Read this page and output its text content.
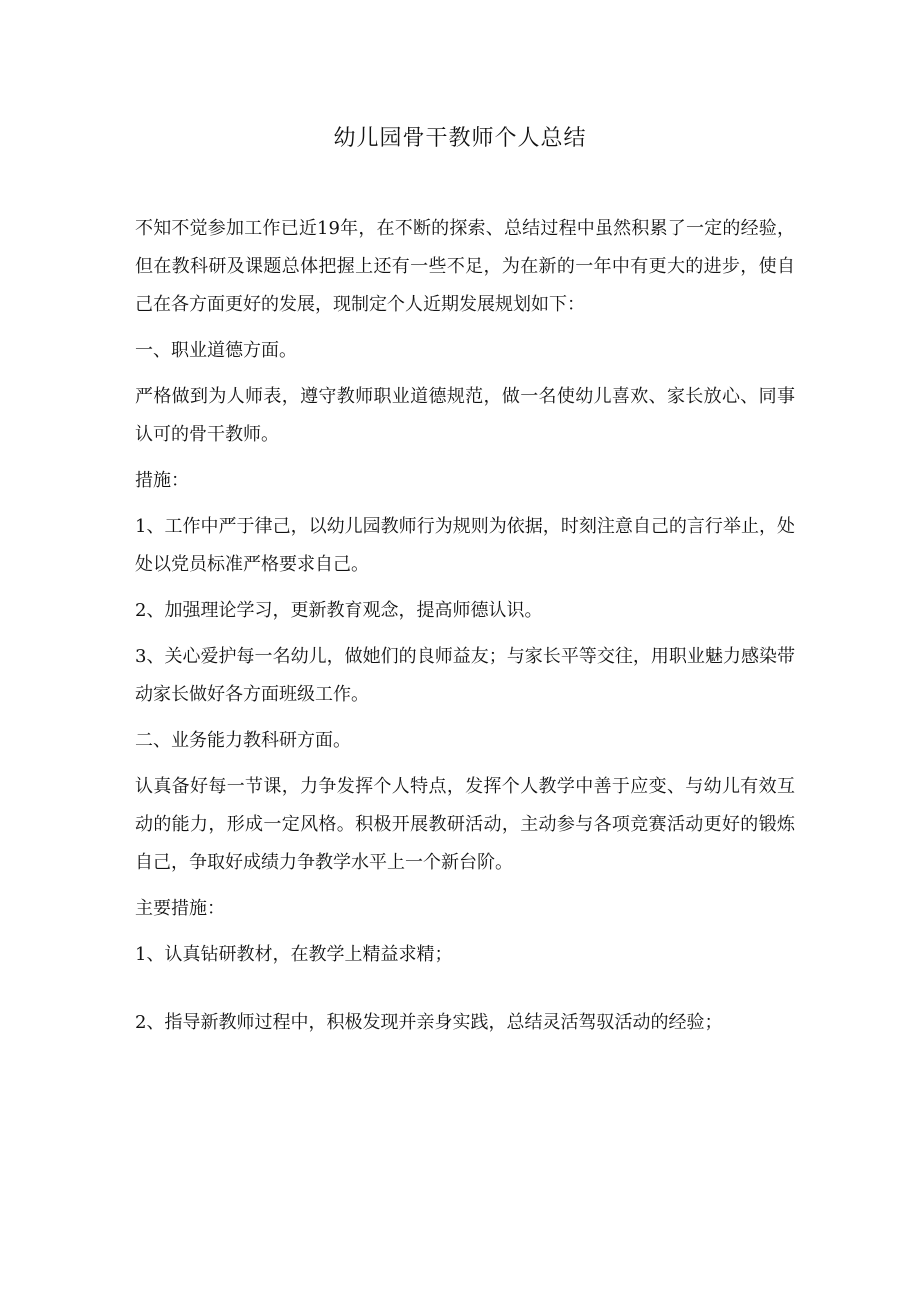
幼儿园骨干教师个人总结

不知不觉参加工作已近19年，在不断的探索、总结过程中虽然积累了一定的经验，但在教科研及课题总体把握上还有一些不足，为在新的一年中有更大的进步，使自己在各方面更好的发展，现制定个人近期发展规划如下：

一、职业道德方面。

严格做到为人师表，遵守教师职业道德规范，做一名使幼儿喜欢、家长放心、同事认可的骨干教师。

措施：

1、工作中严于律己，以幼儿园教师行为规则为依据，时刻注意自己的言行举止，处处以党员标准严格要求自己。

2、加强理论学习，更新教育观念，提高师德认识。

3、关心爱护每一名幼儿，做她们的良师益友；与家长平等交往，用职业魅力感染带动家长做好各方面班级工作。

二、业务能力教科研方面。

认真备好每一节课，力争发挥个人特点，发挥个人教学中善于应变、与幼儿有效互动的能力，形成一定风格。积极开展教研活动，主动参与各项竞赛活动更好的锻炼自己，争取好成绩力争教学水平上一个新台阶。

主要措施：

1、认真钻研教材，在教学上精益求精；

2、指导新教师过程中，积极发现并亲身实践，总结灵活驾驭活动的经验；
